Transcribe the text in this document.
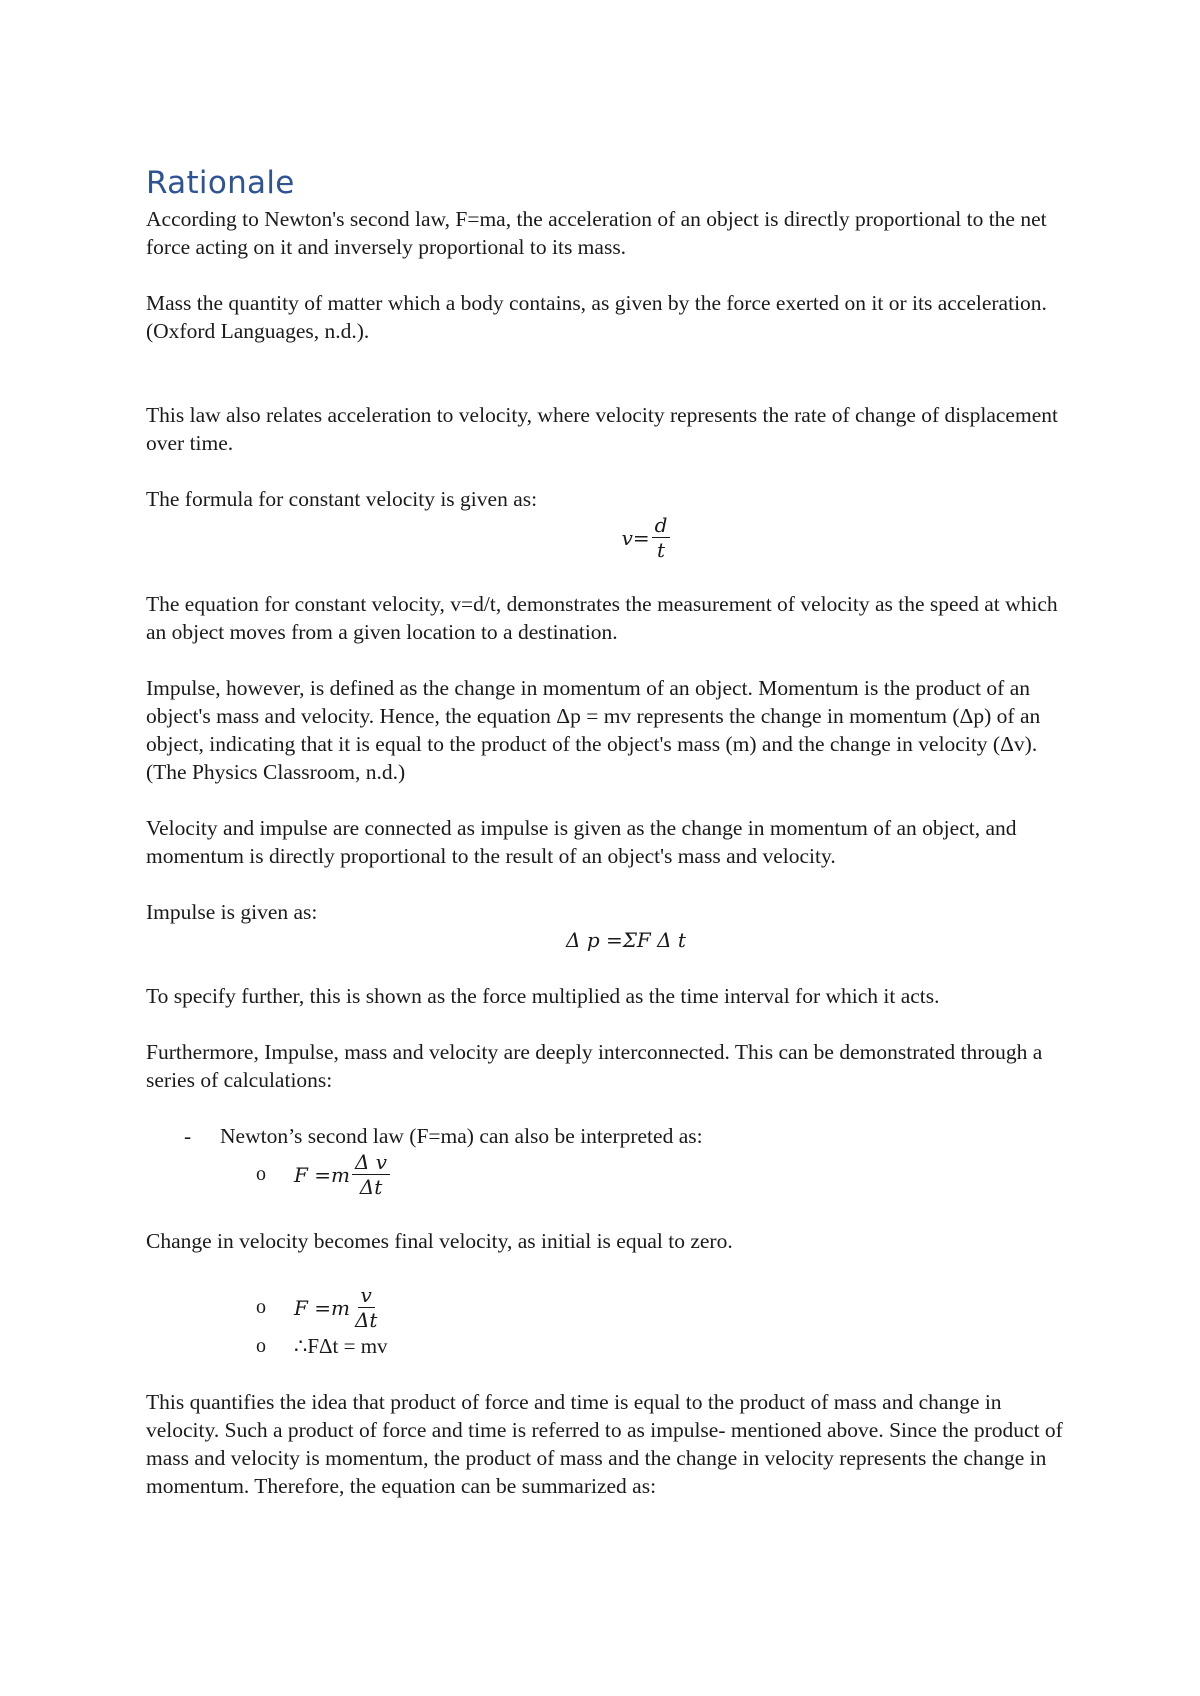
Rationale

According to Newton's second law, F=ma, the acceleration of an object is directly proportional to the net force acting on it and inversely proportional to its mass.

Mass the quantity of matter which a body contains, as given by the force exerted on it or its acceleration. (Oxford Languages, n.d.).

This law also relates acceleration to velocity, where velocity represents the rate of change of displacement over time.

The formula for constant velocity is given as:

$v= \frac{d}{t}$

The equation for constant velocity, v=d/t, demonstrates the measurement of velocity as the speed at which an object moves from a given location to a destination.

Impulse, however, is defined as the change in momentum of an object. Momentum is the product of an object's mass and velocity. Hence, the equation Δp = mv represents the change in momentum (Δp) of an object, indicating that it is equal to the product of the object's mass (m) and the change in velocity (Δv). (The Physics Classroom, n.d.)

Velocity and impulse are connected as impulse is given as the change in momentum of an object, and momentum is directly proportional to the result of an object's mass and velocity.

Impulse is given as:

Δ p =ΣF Δ t

To specify further, this is shown as the force multiplied as the time interval for which it acts.

Furthermore, Impulse, mass and velocity are deeply interconnected. This can be demonstrated through a series of calculations:

-	Newton’s second law (F=ma) can also be interpreted as:

o	$F =m \frac{\text{Δ v}}{\Delta t}$

Change in velocity becomes final velocity, as initial is equal to zero.

o	$F =m \frac{v}{\Delta t}$
o	∴FΔt = mv

This quantifies the idea that product of force and time is equal to the product of mass and change in velocity. Such a product of force and time is referred to as impulse- mentioned above. Since the product of mass and velocity is momentum, the product of mass and the change in velocity represents the change in momentum. Therefore, the equation can be summarized as:
